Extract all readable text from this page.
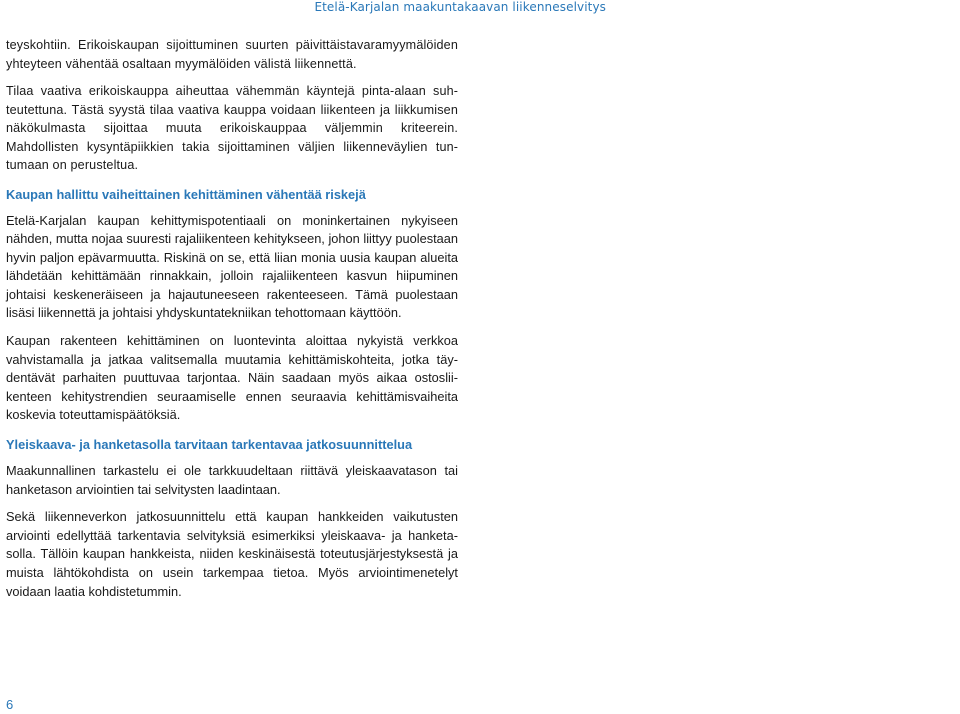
Etelä-Karjalan maakuntakaavan liikenneselvitys

teyskohtiin. Erikoiskaupan sijoittuminen suurten päivittäistavaramyymälöiden yhteyteen vähentää osaltaan myymälöiden välistä liikennettä.

Tilaa vaativa erikoiskauppa aiheuttaa vähemmän käyntejä pinta-alaan suhteutettuna. Tästä syystä tilaa vaativa kauppa voidaan liikenteen ja liikkumisen näkökulmasta sijoittaa muuta erikoiskauppaa väljemmin kriteerein. Mahdollisten kysyntäpiikkien takia sijoittaminen väljien liikenneväylien tuntumaan on perusteltua.

Kaupan hallittu vaiheittainen kehittäminen vähentää riskejä

Etelä-Karjalan kaupan kehittymispotentiaali on moninkertainen nykyiseen nähden, mutta nojaa suuresti rajaliikenteen kehitykseen, johon liittyy puolestaan hyvin paljon epävarmuutta. Riskinä on se, että liian monia uusia kaupan alueita lähdetään kehittämään rinnakkain, jolloin rajaliikenteen kasvun hiipuminen johtaisi keskeneräiseen ja hajautuneeseen rakenteeseen. Tämä puolestaan lisäsi liikennettä ja johtaisi yhdyskuntatekniikan tehottomaan käyttöön.

Kaupan rakenteen kehittäminen on luontevinta aloittaa nykyistä verkkoa vahvistamalla ja jatkaa valitsemalla muutamia kehittämiskohteita, jotka täydentävät parhaiten puuttuvaa tarjontaa. Näin saadaan myös aikaa ostosliikenteen kehitystrendien seuraamiselle ennen seuraavia kehittämisvaiheita koskevia toteuttamispäätöksiä.

Yleiskaava- ja hanketasolla tarvitaan tarkentavaa jatkosuunnittelua

Maakunnallinen tarkastelu ei ole tarkkuudeltaan riittävä yleiskaavatason tai hanketason arviointien tai selvitysten laadintaan.

Sekä liikenneverkon jatkosuunnittelu että kaupan hankkeiden vaikutusten arviointi edellyttää tarkentavia selvityksiä esimerkiksi yleiskaava- ja hanketasolla. Tällöin kaupan hankkeista, niiden keskinäisestä toteutusjärjestyksestä ja muista lähtökohdista on usein tarkempaa tietoa. Myös arviointimenetelyt voidaan laatia kohdistetummin.

6
